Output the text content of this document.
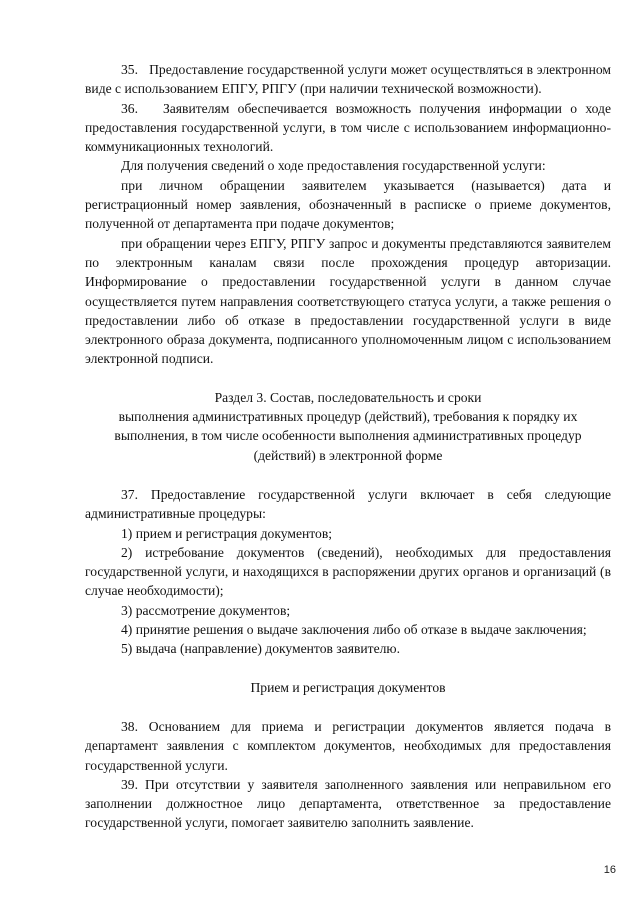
35.   Предоставление государственной услуги может осуществляться в электронном виде с использованием ЕПГУ, РПГУ (при наличии технической возможности).

36.   Заявителям обеспечивается возможность получения информации о ходе предоставления государственной услуги, в том числе с использованием информационно-коммуникационных технологий.

Для получения сведений о ходе предоставления государственной услуги:

при личном обращении заявителем указывается (называется) дата и регистрационный номер заявления, обозначенный в расписке о приеме документов, полученной от департамента при подаче документов;

при обращении через ЕПГУ, РПГУ запрос и документы представляются заявителем по электронным каналам связи после прохождения процедур авторизации. Информирование о предоставлении государственной услуги в данном случае осуществляется путем направления соответствующего статуса услуги, а также решения о предоставлении либо об отказе в предоставлении государственной услуги в виде электронного образа документа, подписанного уполномоченным лицом с использованием электронной подписи.

Раздел 3. Состав, последовательность и сроки

выполнения административных процедур (действий), требования к порядку их выполнения, в том числе особенности выполнения административных процедур (действий) в электронной форме

37. Предоставление государственной услуги включает в себя следующие административные процедуры:

1) прием и регистрация документов;

2) истребование документов (сведений), необходимых для предоставления государственной услуги, и находящихся в распоряжении других органов и организаций (в случае необходимости);

3) рассмотрение документов;

4) принятие решения о выдаче заключения либо об отказе в выдаче заключения;

5) выдача (направление) документов заявителю.

Прием и регистрация документов

38. Основанием для приема и регистрации документов является подача в департамент заявления с комплектом документов, необходимых для предоставления государственной услуги.

39. При отсутствии у заявителя заполненного заявления или неправильном его заполнении должностное лицо департамента, ответственное за предоставление государственной услуги, помогает заявителю заполнить заявление.

16
